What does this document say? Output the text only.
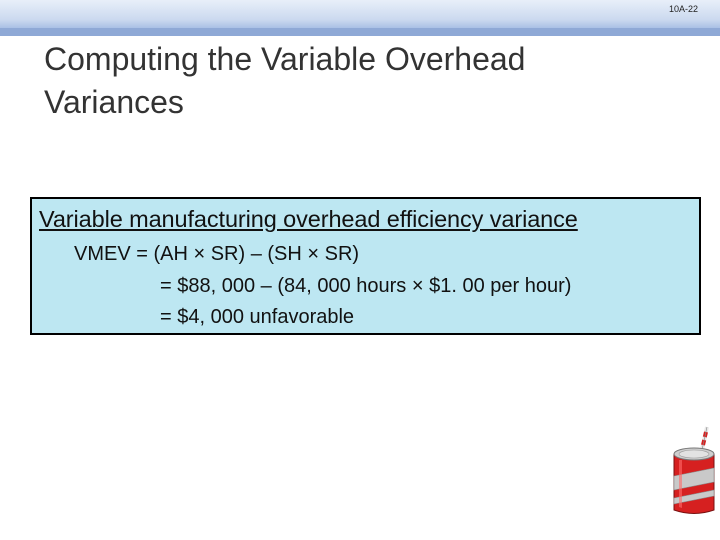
10A-22
Computing the Variable Overhead Variances
Variable manufacturing overhead efficiency variance
VMEV = (AH × SR) – (SH × SR)
= $88, 000 – (84, 000 hours × $1. 00 per hour)
= $4, 000 unfavorable
